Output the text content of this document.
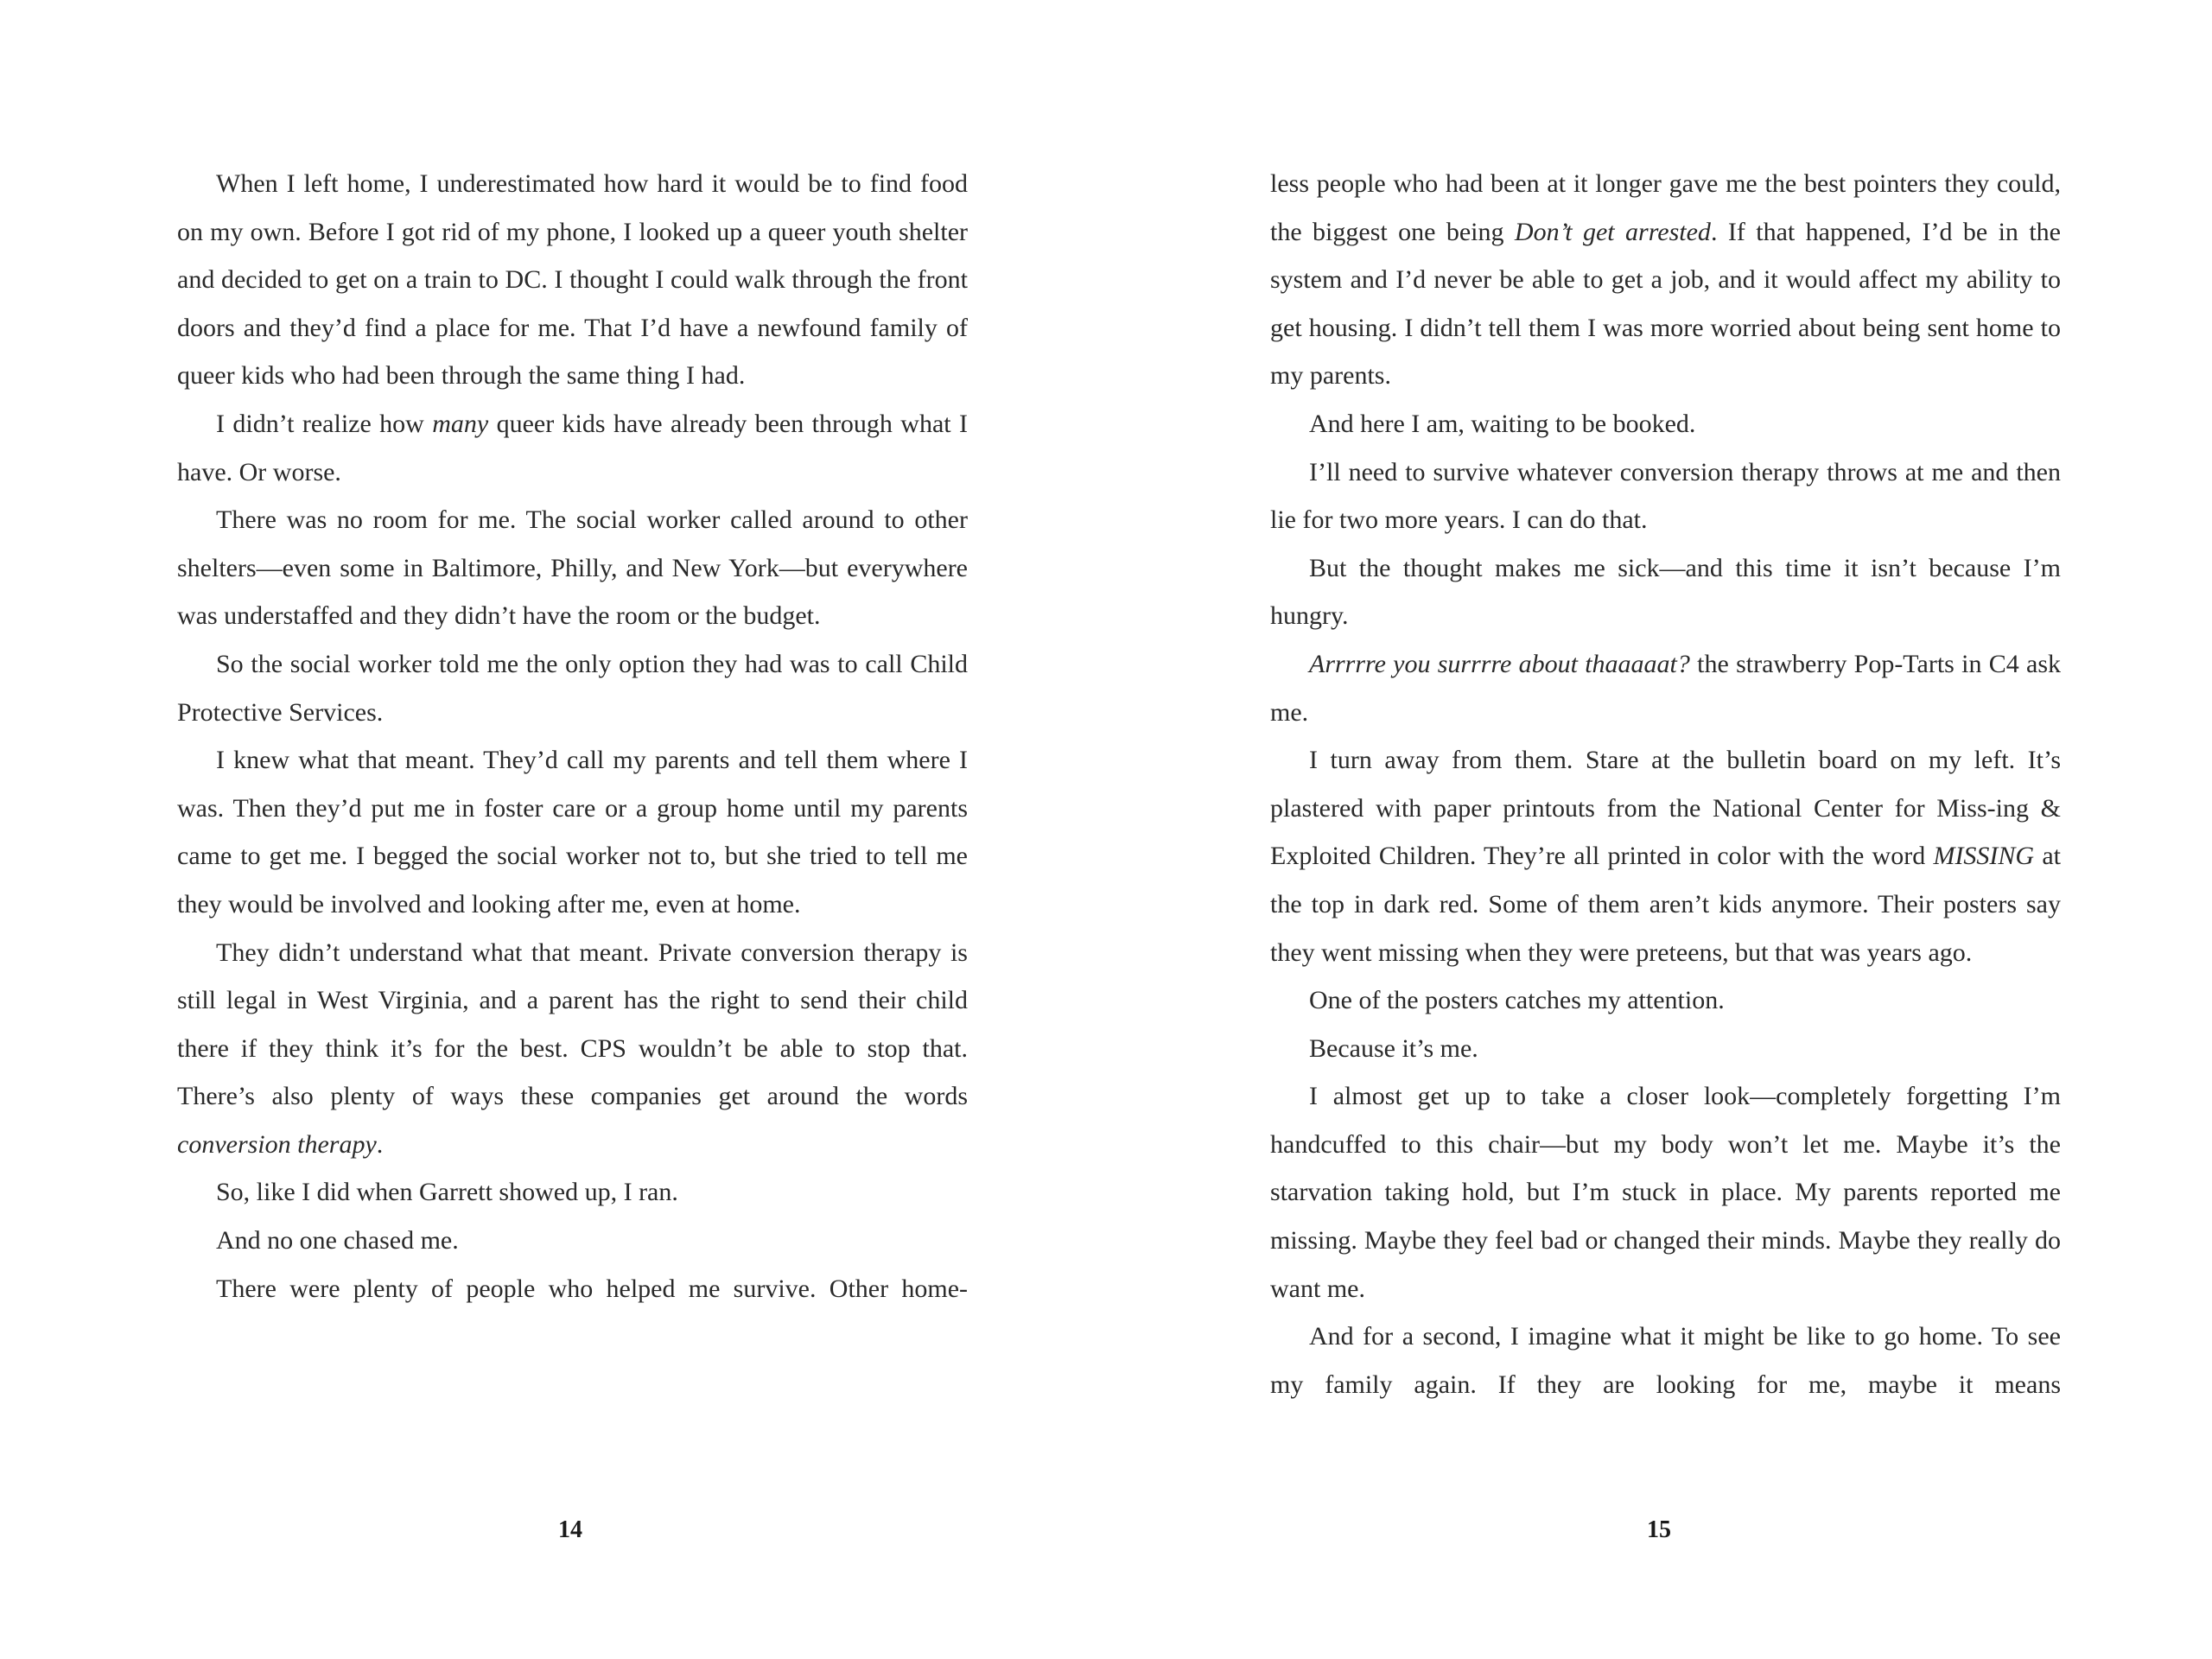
When I left home, I underestimated how hard it would be to find food on my own. Before I got rid of my phone, I looked up a queer youth shelter and decided to get on a train to DC. I thought I could walk through the front doors and they’d find a place for me. That I’d have a newfound family of queer kids who had been through the same thing I had.

I didn’t realize how many queer kids have already been through what I have. Or worse.

There was no room for me. The social worker called around to other shelters—even some in Baltimore, Philly, and New York—but everywhere was understaffed and they didn’t have the room or the budget.

So the social worker told me the only option they had was to call Child Protective Services.

I knew what that meant. They’d call my parents and tell them where I was. Then they’d put me in foster care or a group home until my parents came to get me. I begged the social worker not to, but she tried to tell me they would be involved and looking after me, even at home.

They didn’t understand what that meant. Private conversion therapy is still legal in West Virginia, and a parent has the right to send their child there if they think it’s for the best. CPS wouldn’t be able to stop that. There’s also plenty of ways these companies get around the words conversion therapy.

So, like I did when Garrett showed up, I ran.

And no one chased me.

There were plenty of people who helped me survive. Other home-

less people who had been at it longer gave me the best pointers they could, the biggest one being Don’t get arrested. If that happened, I’d be in the system and I’d never be able to get a job, and it would affect my ability to get housing. I didn’t tell them I was more worried about being sent home to my parents.

And here I am, waiting to be booked.

I’ll need to survive whatever conversion therapy throws at me and then lie for two more years. I can do that.

But the thought makes me sick—and this time it isn’t because I’m hungry.

Arrrrre you surrrre about thaaaaat? the strawberry Pop-Tarts in C4 ask me.

I turn away from them. Stare at the bulletin board on my left. It’s plastered with paper printouts from the National Center for Miss-ing & Exploited Children. They’re all printed in color with the word MISSING at the top in dark red. Some of them aren’t kids anymore. Their posters say they went missing when they were preteens, but that was years ago.

One of the posters catches my attention.

Because it’s me.

I almost get up to take a closer look—completely forgetting I’m handcuffed to this chair—but my body won’t let me. Maybe it’s the starvation taking hold, but I’m stuck in place. My parents reported me missing. Maybe they feel bad or changed their minds. Maybe they really do want me.

And for a second, I imagine what it might be like to go home. To see my family again. If they are looking for me, maybe it means

14	15
